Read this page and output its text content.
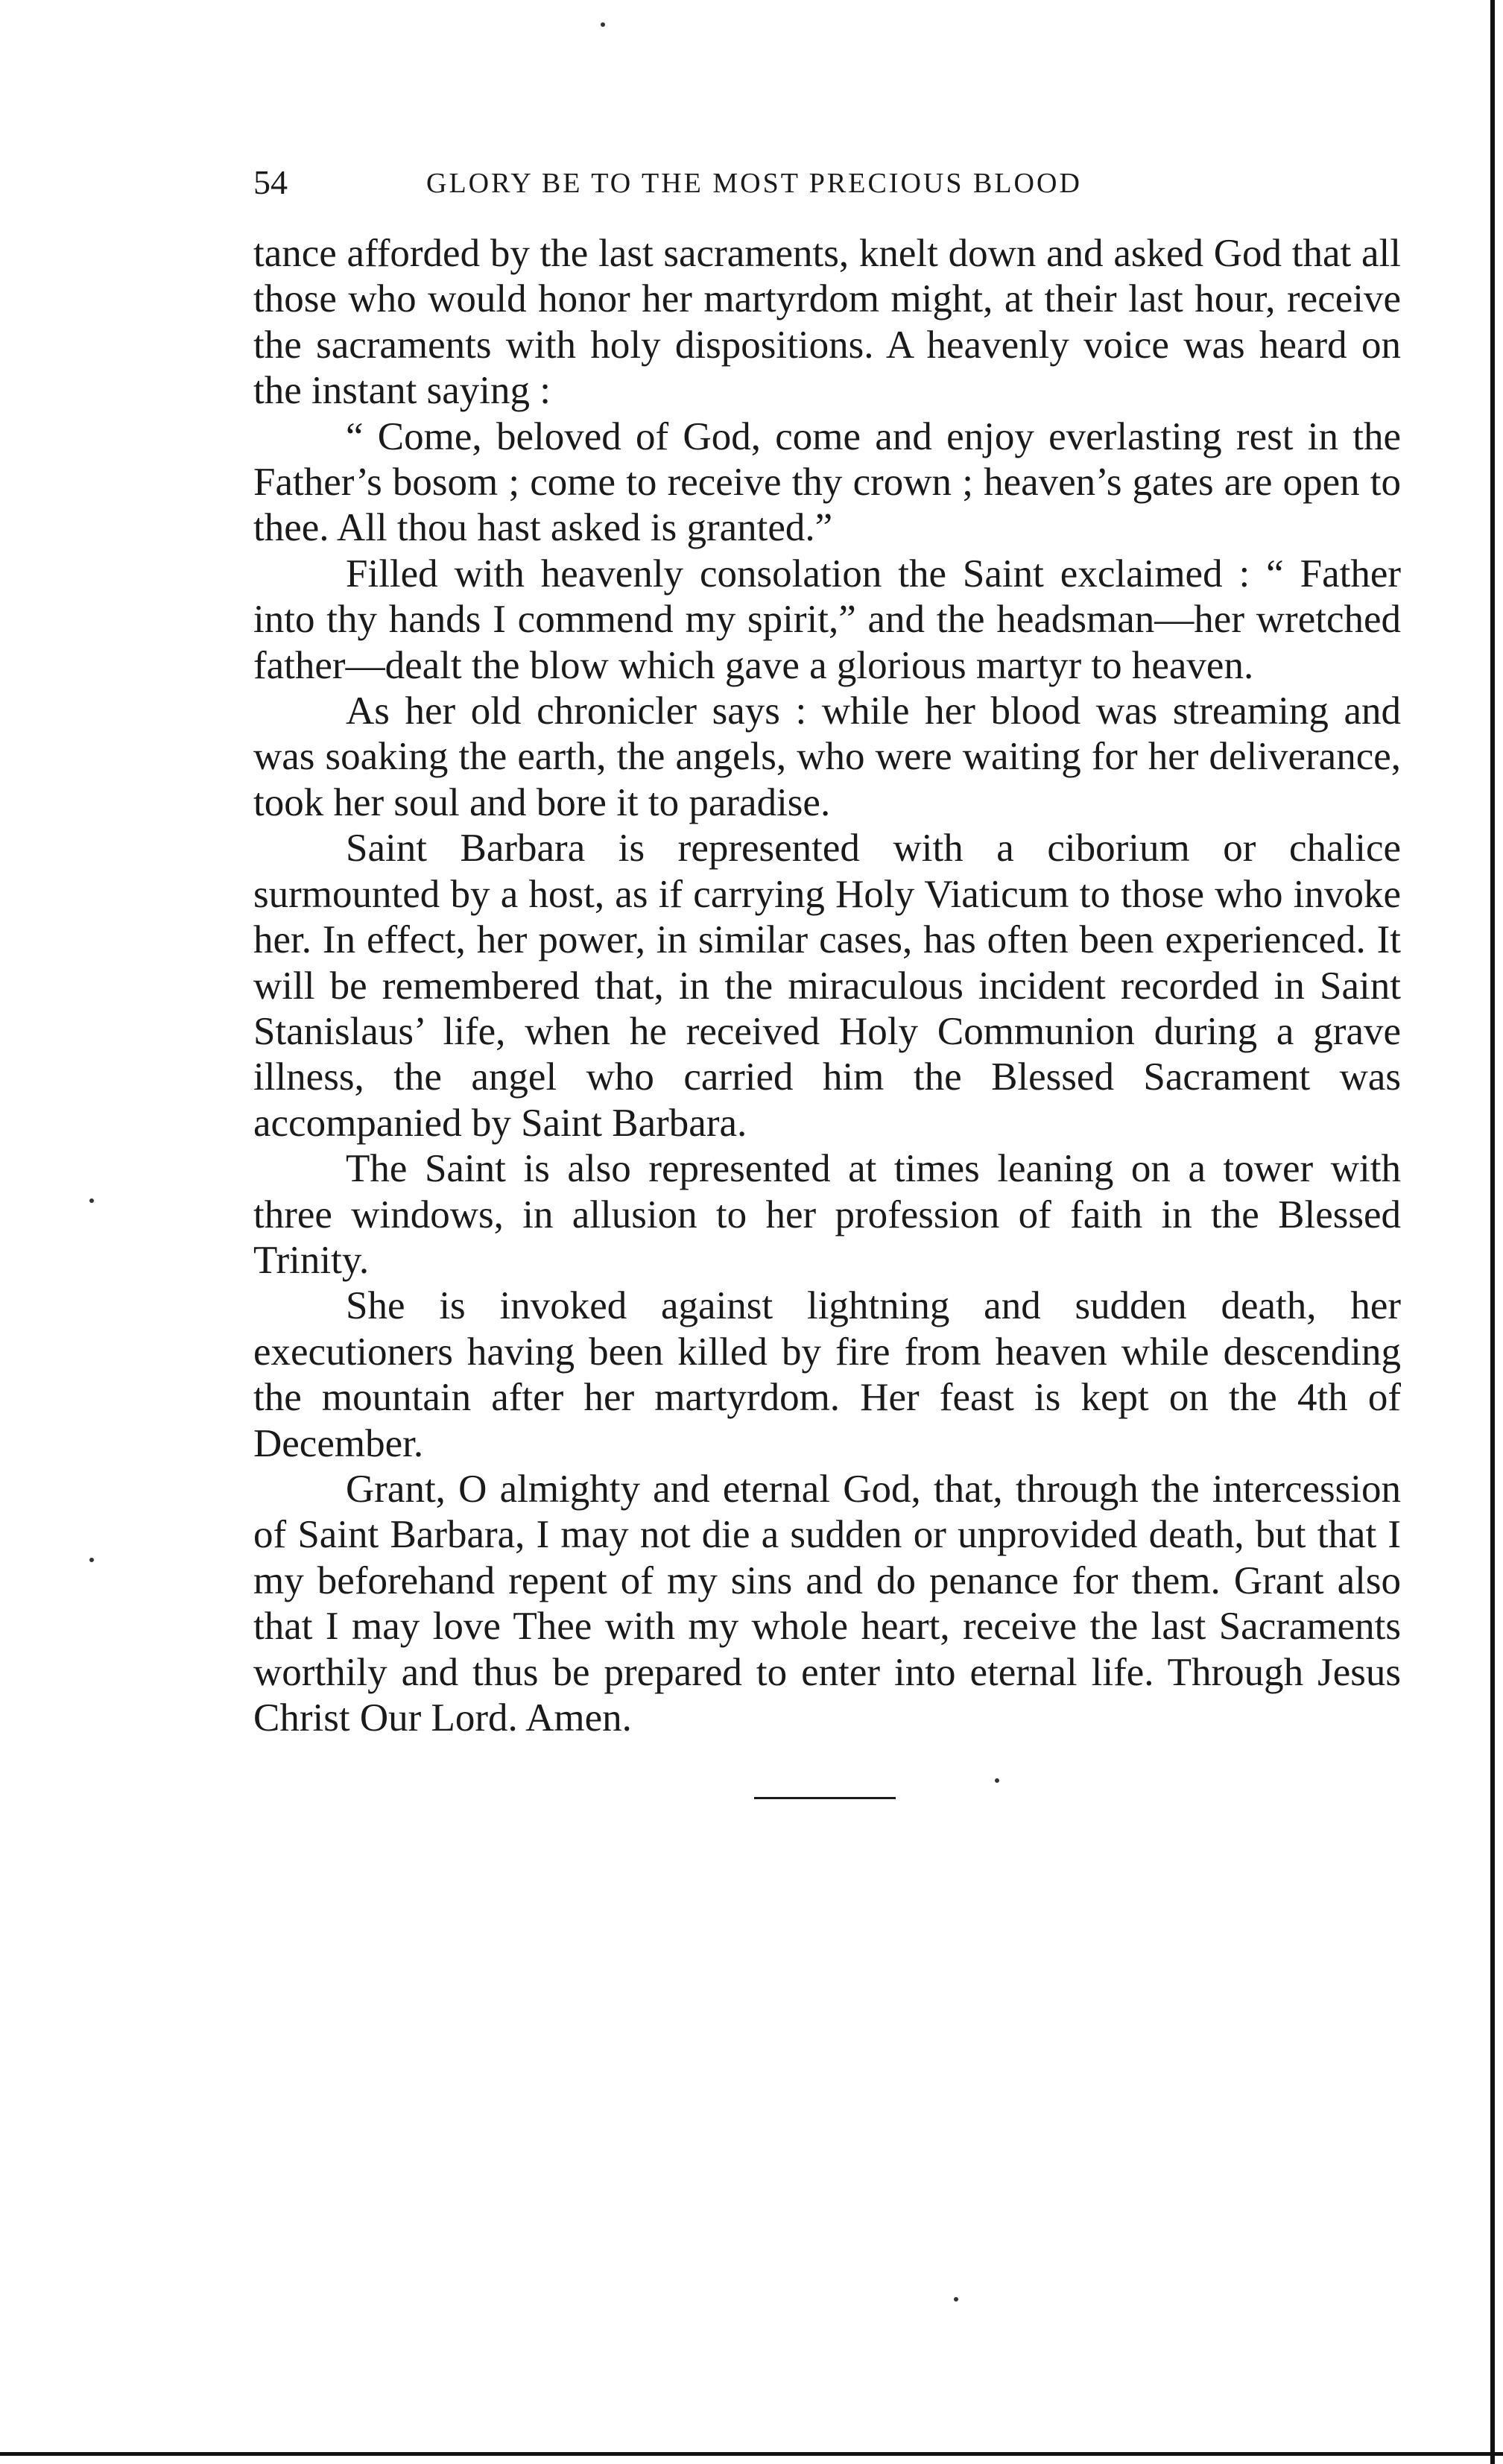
54	GLORY BE TO THE MOST PRECIOUS BLOOD

tance afforded by the last sacraments, knelt down and asked God that all those who would honor her martyrdom might, at their last hour, receive the sacraments with holy dispositions. A heavenly voice was heard on the instant saying :

“ Come, beloved of God, come and enjoy everlasting rest in the Father’s bosom ; come to receive thy crown ; heaven’s gates are open to thee. All thou hast asked is granted.”

Filled with heavenly consolation the Saint exclaimed : “ Father into thy hands I commend my spirit,” and the headsman—her wretched father—dealt the blow which gave a glorious martyr to heaven.

As her old chronicler says : while her blood was streaming and was soaking the earth, the angels, who were waiting for her deliverance, took her soul and bore it to paradise.

Saint Barbara is represented with a ciborium or chalice surmounted by a host, as if carrying Holy Viaticum to those who invoke her. In effect, her power, in similar cases, has often been experienced. It will be remembered that, in the miraculous incident recorded in Saint Stanislaus’ life, when he received Holy Communion during a grave illness, the angel who carried him the Blessed Sacrament was accompanied by Saint Barbara.

The Saint is also represented at times leaning on a tower with three windows, in allusion to her profession of faith in the Blessed Trinity.

She is invoked against lightning and sudden death, her executioners having been killed by fire from heaven while descending the mountain after her martyrdom. Her feast is kept on the 4th of December.

Grant, O almighty and eternal God, that, through the intercession of Saint Barbara, I may not die a sudden or unprovided death, but that I my beforehand repent of my sins and do penance for them. Grant also that I may love Thee with my whole heart, receive the last Sacraments worthily and thus be prepared to enter into eternal life. Through Jesus Christ Our Lord. Amen.
